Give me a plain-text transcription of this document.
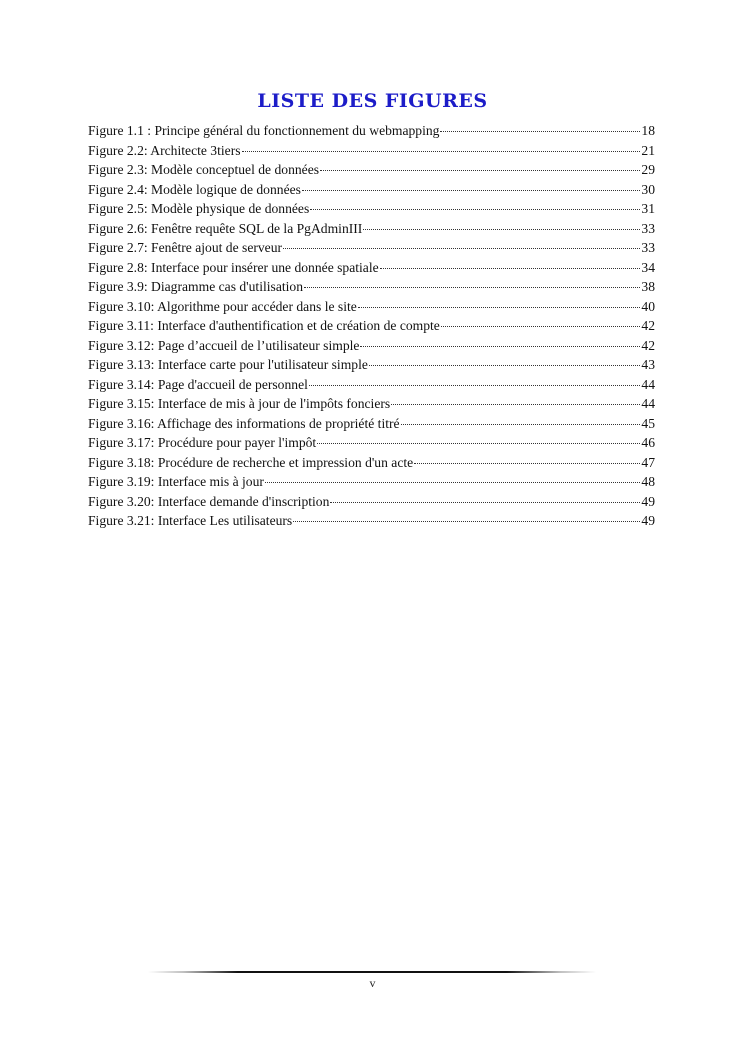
LISTE DES FIGURES
Figure 1.1 : Principe général du fonctionnement du webmapping	18
Figure 2.2: Architecte 3tiers	21
Figure 2.3: Modèle conceptuel de données	29
Figure 2.4: Modèle logique de données	30
Figure 2.5: Modèle physique de données	31
Figure 2.6: Fenêtre requête SQL de la PgAdminIII	33
Figure 2.7: Fenêtre ajout de serveur	33
Figure 2.8: Interface pour insérer une donnée spatiale	34
Figure 3.9: Diagramme cas d'utilisation	38
Figure 3.10: Algorithme pour accéder dans le site	40
Figure 3.11: Interface d'authentification et de création de compte	42
Figure 3.12: Page d’accueil de l’utilisateur simple	42
Figure 3.13: Interface carte pour l'utilisateur simple	43
Figure 3.14: Page d'accueil de personnel	44
Figure 3.15: Interface de mis à jour de l'impôts fonciers	44
Figure 3.16: Affichage des informations de propriété titré	45
Figure 3.17: Procédure pour payer l'impôt	46
Figure 3.18: Procédure de recherche et impression d'un acte	47
Figure 3.19: Interface mis à jour	48
Figure 3.20: Interface demande d'inscription	49
Figure 3.21: Interface Les utilisateurs	49
v
